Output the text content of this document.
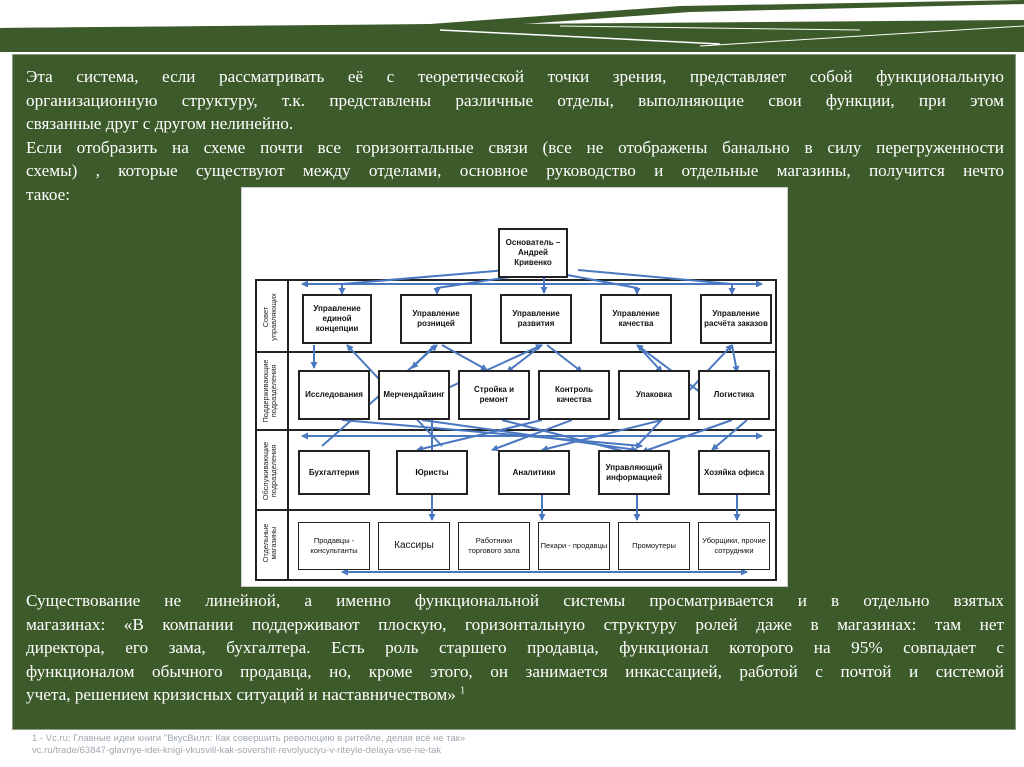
Эта система, если рассматривать её с теоретической точки зрения, представляет собой функциональную

организационную структуру, т.к. представлены различные отделы, выполняющие свои функции, при этом

связанные друг с другом нелинейно.

Если отобразить на схеме почти все горизонтальные связи (все не отображены банально в силу перегруженности

схемы) , которые существуют между отделами, основное руководство и отдельные магазины, получится нечто

такое:

Основатель – Андрей Кривенко
Совет управляющих
Поддерживающие подразделения
Обслуживающие подразделения
Отдельные магазины
Управление единой концепции
Управление розницей
Управление развития
Управление качества
Управление расчёта заказов
Исследования	Мерчендайзинг
Стройка и ремонт
Контроль качества
Упаковка	Логистика
Бухгалтерия	Юристы	Аналитики
Управляющий информацией
Хозяйка офиса
Продавцы - консультанты	Кассиры	Работники торгового зала
Пекари - продавцы	Промоутеры
Уборщики, прочие сотрудники

Существование не линейной, а именно функциональной системы просматривается и в отдельно взятых

магазинах: «В компании поддерживают плоскую, горизонтальную структуру ролей даже в магазинах: там нет

директора, его зама, бухгалтера. Есть роль старшего продавца, функционал которого на 95% совпадает с

функционалом обычного продавца, но, кроме этого, он занимается инкассацией, работой с почтой и системой

учета, решением кризисных ситуаций и наставничеством» $^1$

1 - Vc.ru: Главные идеи книги "ВкусВилл: Как совершить революцию в ритейле, делая всё не так»
vc.ru/trade/63847-glavnye-idei-knigi-vkusvill-kak-sovershit-revolyuciyu-v-riteyle-delaya-vse-ne-tak
